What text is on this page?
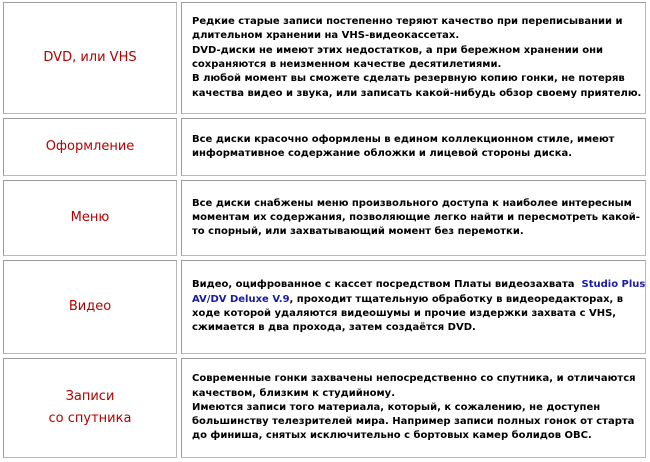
DVD, или VHS
Редкие старые записи постепенно теряют качество при переписывании и
длительном хранении на VHS-видеокассетах.
DVD-диски не имеют этих недостатков, а при бережном хранении они
сохраняются в неизменном качестве десятилетиями.
В любой момент вы сможете сделать резервную копию гонки, не потеряв
качества видео и звука, или записать какой-нибудь обзор своему приятелю.
Оформление	Все диски красочно оформлены в едином коллекционном стиле, имеют
информативное содержание обложки и лицевой стороны диска.
Меню
Все диски снабжены меню произвольного доступа к наиболее интересным
моментам их содержания, позволяющие легко найти и пересмотреть какой-
то спорный, или захватывающий момент без перемотки.
Видео
Видео, оцифрованное с кассет посредством Платы видеозахвата Studio Plus
AV/DV Deluxe V.9, проходит тщательную обработку в видеоредакторах, в
ходе которой удаляются видеошумы и прочие издержки захвата с VHS,
сжимается в два прохода, затем создаётся DVD.
Записи
со спутника
Современные гонки захвачены непосредственно со спутника, и отличаются
качеством, близким к студийному.
Имеются записи того материала, который, к сожалению, не доступен
большинству телезрителей мира. Например записи полных гонок от старта
до финиша, снятых исключительно с бортовых камер болидов OBC.
